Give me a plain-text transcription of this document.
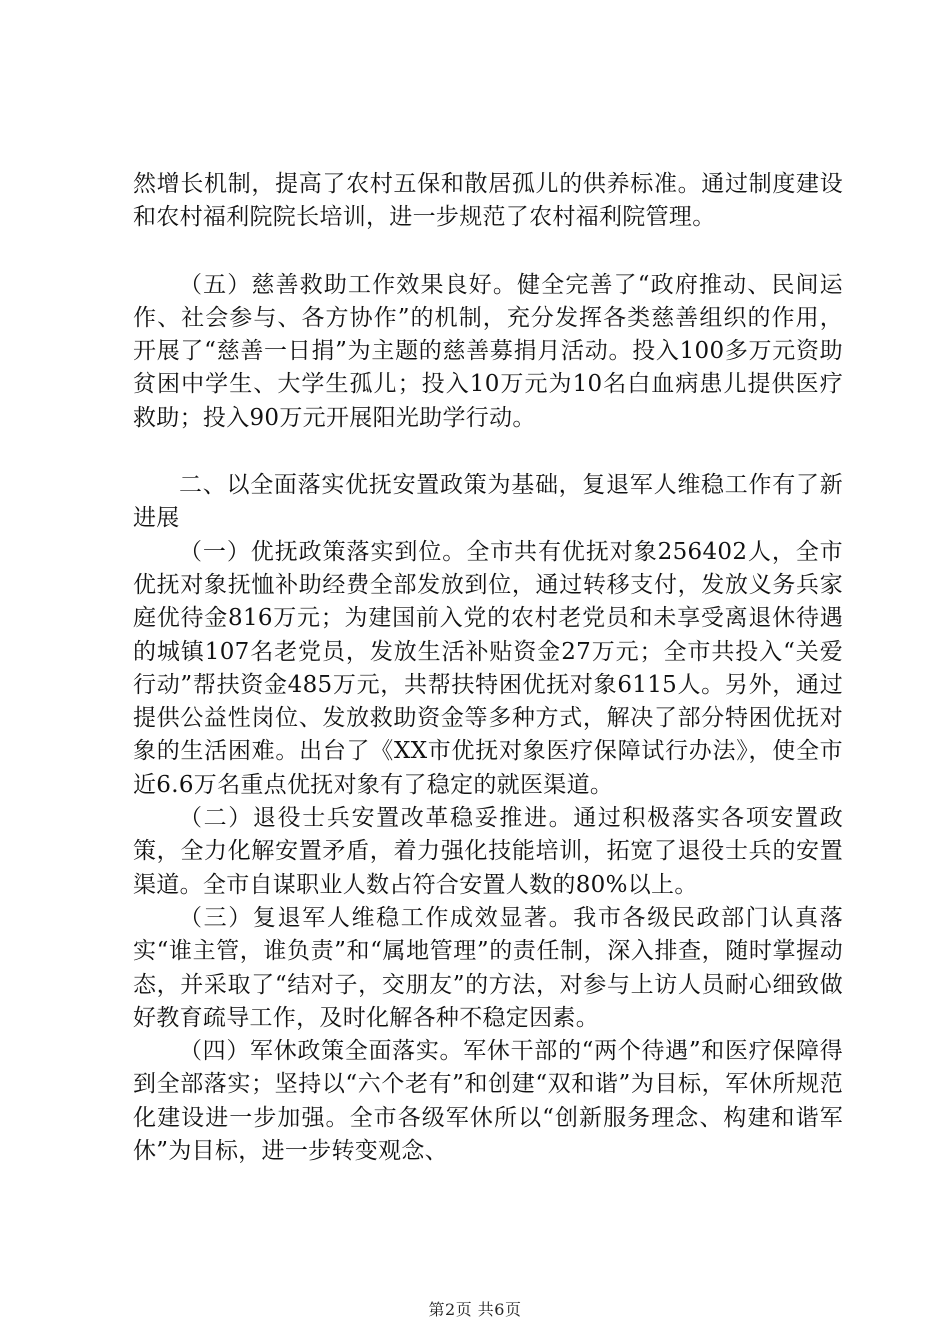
然增长机制，提高了农村五保和散居孤儿的供养标准。通过制度建设和农村福利院院长培训，进一步规范了农村福利院管理。

（五）慈善救助工作效果良好。健全完善了“政府推动、民间运作、社会参与、各方协作”的机制，充分发挥各类慈善组织的作用，开展了“慈善一日捐”为主题的慈善募捐月活动。投入100多万元资助贫困中学生、大学生孤儿；投入10万元为10名白血病患儿提供医疗救助；投入90万元开展阳光助学行动。

二、以全面落实优抚安置政策为基础，复退军人维稳工作有了新进展

（一）优抚政策落实到位。全市共有优抚对象256402人，全市优抚对象抚恤补助经费全部发放到位，通过转移支付，发放义务兵家庭优待金816万元；为建国前入党的农村老党员和未享受离退休待遇的城镇107名老党员，发放生活补贴资金27万元；全市共投入“关爱行动”帮扶资金485万元，共帮扶特困优抚对象6115人。另外，通过提供公益性岗位、发放救助资金等多种方式，解决了部分特困优抚对象的生活困难。出台了《XX市优抚对象医疗保障试行办法》，使全市近6.6万名重点优抚对象有了稳定的就医渠道。

（二）退役士兵安置改革稳妥推进。通过积极落实各项安置政策，全力化解安置矛盾，着力强化技能培训，拓宽了退役士兵的安置渠道。全市自谋职业人数占符合安置人数的80%以上。

（三）复退军人维稳工作成效显著。我市各级民政部门认真落实“谁主管，谁负责”和“属地管理”的责任制，深入排查，随时掌握动态，并采取了“结对子，交朋友”的方法，对参与上访人员耐心细致做好教育疏导工作，及时化解各种不稳定因素。

（四）军休政策全面落实。军休干部的“两个待遇”和医疗保障得到全部落实；坚持以“六个老有”和创建“双和谐”为目标，军休所规范化建设进一步加强。全市各级军休所以“创新服务理念、构建和谐军休”为目标，进一步转变观念、

第2页 共6页
